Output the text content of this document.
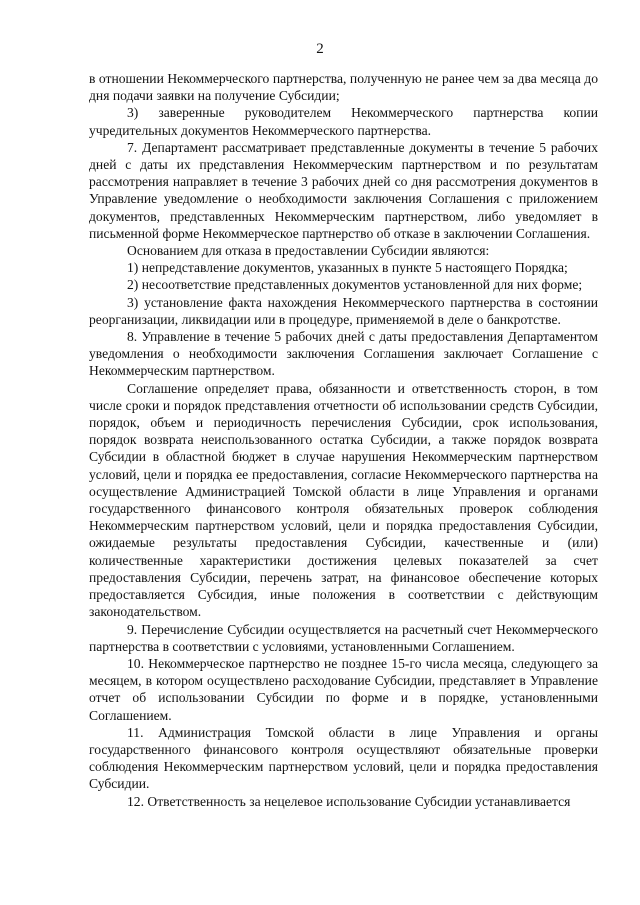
2

в отношении Некоммерческого партнерства, полученную не ранее чем за два месяца до дня подачи заявки на получение Субсидии;

3) заверенные руководителем Некоммерческого партнерства копии учредительных документов Некоммерческого партнерства.

7. Департамент рассматривает представленные документы в течение 5 рабочих дней с даты их представления Некоммерческим партнерством и по результатам рассмотрения направляет в течение 3 рабочих дней со дня рассмотрения документов в Управление уведомление о необходимости заключения Соглашения с приложением документов, представленных Некоммерческим партнерством, либо уведомляет в письменной форме Некоммерческое партнерство об отказе в заключении Соглашения.

Основанием для отказа в предоставлении Субсидии являются:

1) непредставление документов, указанных в пункте 5 настоящего Порядка;

2) несоответствие представленных документов установленной для них форме;

3) установление факта нахождения Некоммерческого партнерства в состоянии реорганизации, ликвидации или в процедуре, применяемой в деле о банкротстве.

8. Управление в течение 5 рабочих дней с даты предоставления Департаментом уведомления о необходимости заключения Соглашения заключает Соглашение с Некоммерческим партнерством.

Соглашение определяет права, обязанности и ответственность сторон, в том числе сроки и порядок представления отчетности об использовании средств Субсидии, порядок, объем и периодичность перечисления Субсидии, срок использования, порядок возврата неиспользованного остатка Субсидии, а также порядок возврата Субсидии в областной бюджет в случае нарушения Некоммерческим партнерством условий, цели и порядка ее предоставления, согласие Некоммерческого партнерства на осуществление Администрацией Томской области в лице Управления и органами государственного финансового контроля обязательных проверок соблюдения Некоммерческим партнерством условий, цели и порядка предоставления Субсидии, ожидаемые результаты предоставления Субсидии, качественные и (или) количественные характеристики достижения целевых показателей за счет предоставления Субсидии, перечень затрат, на финансовое обеспечение которых предоставляется Субсидия, иные положения в соответствии с действующим законодательством.

9. Перечисление Субсидии осуществляется на расчетный счет Некоммерческого партнерства в соответствии с условиями, установленными Соглашением.

10. Некоммерческое партнерство не позднее 15-го числа месяца, следующего за месяцем, в котором осуществлено расходование Субсидии, представляет в Управление отчет об использовании Субсидии по форме и в порядке, установленными Соглашением.

11. Администрация Томской области в лице Управления и органы государственного финансового контроля осуществляют обязательные проверки соблюдения Некоммерческим партнерством условий, цели и порядка предоставления Субсидии.

12. Ответственность за нецелевое использование Субсидии устанавливается
